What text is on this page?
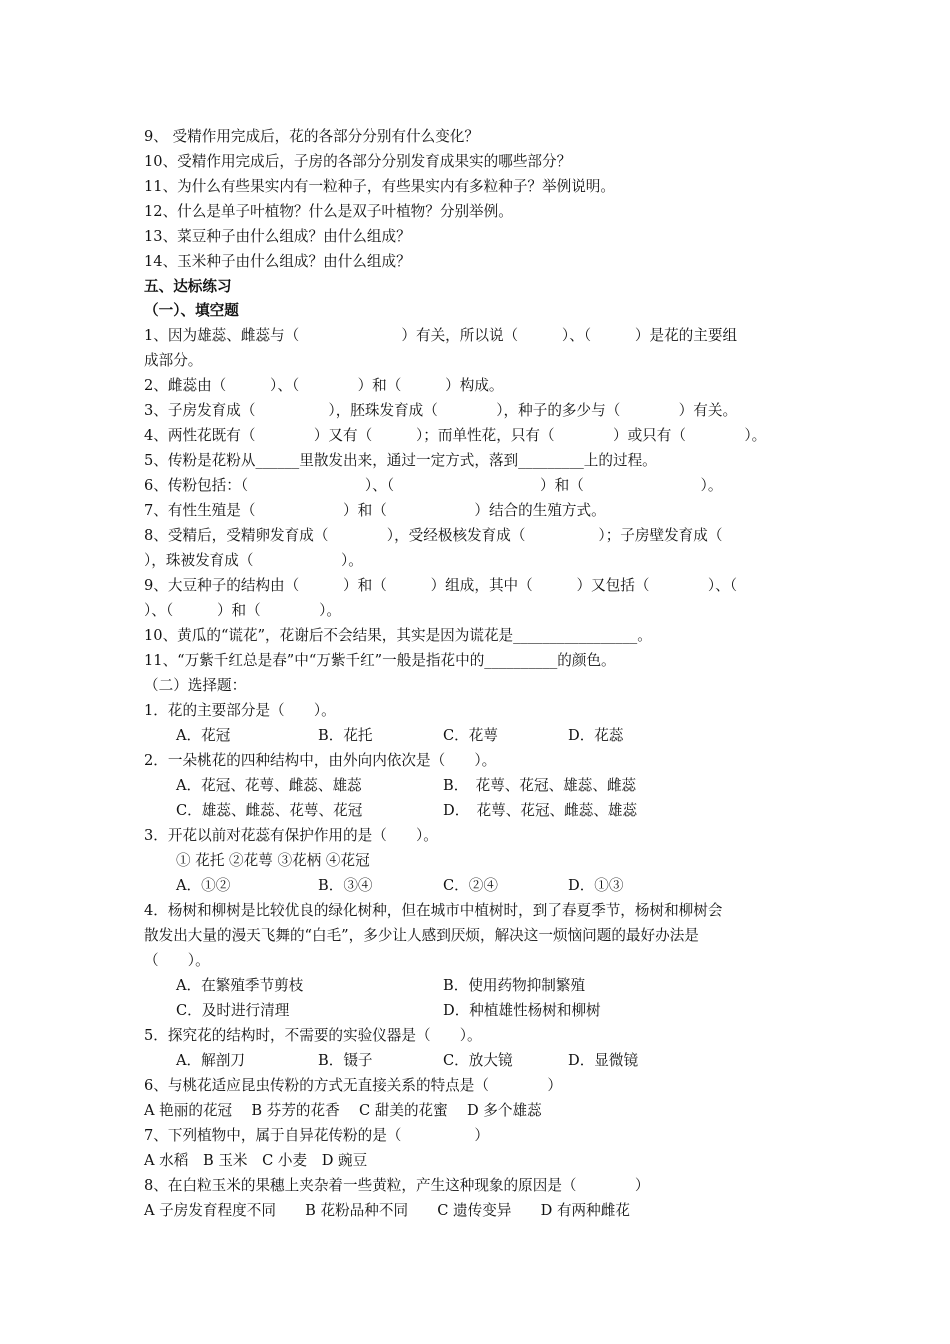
9、 受精作用完成后，花的各部分分别有什么变化？
10、受精作用完成后，子房的各部分分别发育成果实的哪些部分？
11、为什么有些果实内有一粒种子，有些果实内有多粒种子？举例说明。
12、什么是单子叶植物？什么是双子叶植物？分别举例。
13、菜豆种子由什么组成？由什么组成？
14、玉米种子由什么组成？由什么组成？
五、达标练习
（一）、填空题
1、因为雄蕊、雌蕊与（　　　　　　　）有关，所以说（　　　）、（　　　）是花的主要组
成部分。
2、雌蕊由（　　　）、（　　　　）和（　　　）构成。
3、子房发育成（　　　　　），胚珠发育成（　　　　），种子的多少与（　　　　）有关。
4、两性花既有（　　　　）又有（　　　）；而单性花，只有（　　　　）或只有（　　　　）。
5、传粉是花粉从______里散发出来，通过一定方式，落到_________上的过程。
6、传粉包括：（　　　　　　　　）、（　　　　　　　　　　）和（　　　　　　　　）。
7、有性生殖是（　　　　　　）和（　　　　　　）结合的生殖方式。
8、受精后，受精卵发育成（　　　　），受经极核发育成（　　　　　）；子房壁发育成（
），珠被发育成（　　　　　　）。
9、大豆种子的结构由（　　　）和（　　　）组成，其中（　　　）又包括（　　　　）、（
）、（　　　）和（　　　　）。
10、黄瓜的“谎花”，花谢后不会结果，其实是因为谎花是_________________。
11、“万紫千红总是春”中“万紫千红”一般是指花中的__________的颜色。
（二）选择题：
1．花的主要部分是（　　）。
A．花冠	B．花托	C．花萼	D．花蕊
2．一朵桃花的四种结构中，由外向内依次是（　　）。
A．花冠、花萼、雌蕊、雄蕊	B．　花萼、花冠、雄蕊、雌蕊
C．雄蕊、雌蕊、花萼、花冠	D．　花萼、花冠、雌蕊、雄蕊
3．开花以前对花蕊有保护作用的是（　　）。
① 花托 ②花萼 ③花柄 ④花冠
A．①②	B．③④	C．②④	D．①③
4．杨树和柳树是比较优良的绿化树种，但在城市中植树时，到了春夏季节，杨树和柳树会
散发出大量的漫天飞舞的“白毛”，多少让人感到厌烦，解决这一烦恼问题的最好办法是
（　　）。
A．在繁殖季节剪枝	B．使用药物抑制繁殖
C．及时进行清理	D．种植雄性杨树和柳树
5．探究花的结构时，不需要的实验仪器是（　　）。
A．解剖刀	B．镊子	C．放大镜	D．显微镜
6、与桃花适应昆虫传粉的方式无直接关系的特点是（　　　　）
A 艳丽的花冠　 B 芬芳的花香　 C 甜美的花蜜　 D 多个雄蕊
7、下列植物中，属于自异花传粉的是（　　　　　）
A 水稻　B 玉米　C 小麦　D 豌豆
8、在白粒玉米的果穗上夹杂着一些黄粒，产生这种现象的原因是（　　　　）
A 子房发育程度不同　　B 花粉品种不同　　C 遗传变异　　D 有两种雌花
